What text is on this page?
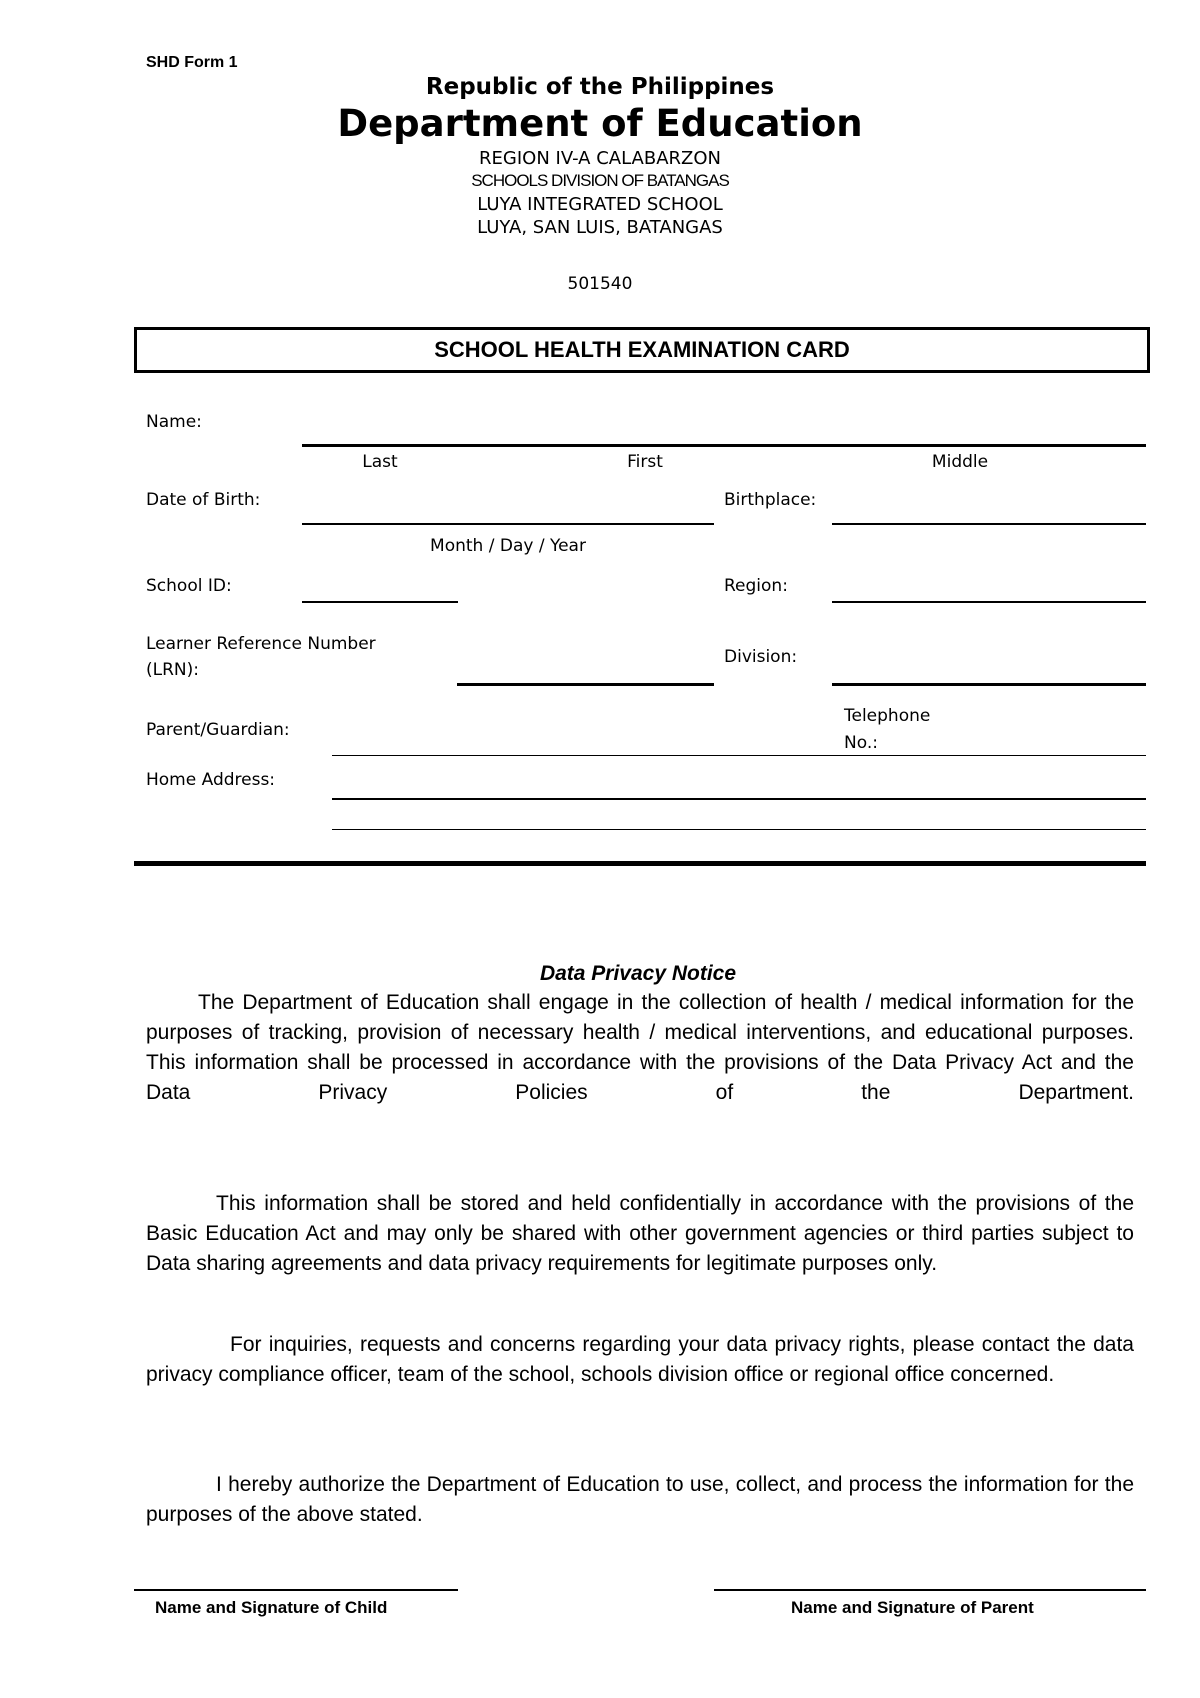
SHD Form 1
Republic of the Philippines
Department of Education
REGION IV-A CALABARZON
SCHOOLS DIVISION OF BATANGAS
LUYA INTEGRATED SCHOOL
LUYA, SAN LUIS, BATANGAS
501540
SCHOOL HEALTH EXAMINATION CARD
Name:
Last	First	Middle
Date of Birth:
Month / Day / Year
Birthplace:
School ID:	Region:
Learner Reference Number
(LRN):
Division:
Parent/Guardian:
Telephone
No.:
Home Address:
Data Privacy Notice
The Department of Education shall engage in the collection of health / medical information for the purposes of tracking, provision of necessary health / medical interventions, and educational purposes. This information shall be processed in accordance with the provisions of the Data Privacy Act and the Data Privacy Policies of the Department.
This information shall be stored and held confidentially in accordance with the provisions of the Basic Education Act and may only be shared with other government agencies or third parties subject to Data sharing agreements and data privacy requirements for legitimate purposes only.
For inquiries, requests and concerns regarding your data privacy rights, please contact the data privacy compliance officer, team of the school, schools division office or regional office concerned.
I hereby authorize the Department of Education to use, collect, and process the information for the purposes of the above stated.
Name and Signature of Child	Name and Signature of Parent
